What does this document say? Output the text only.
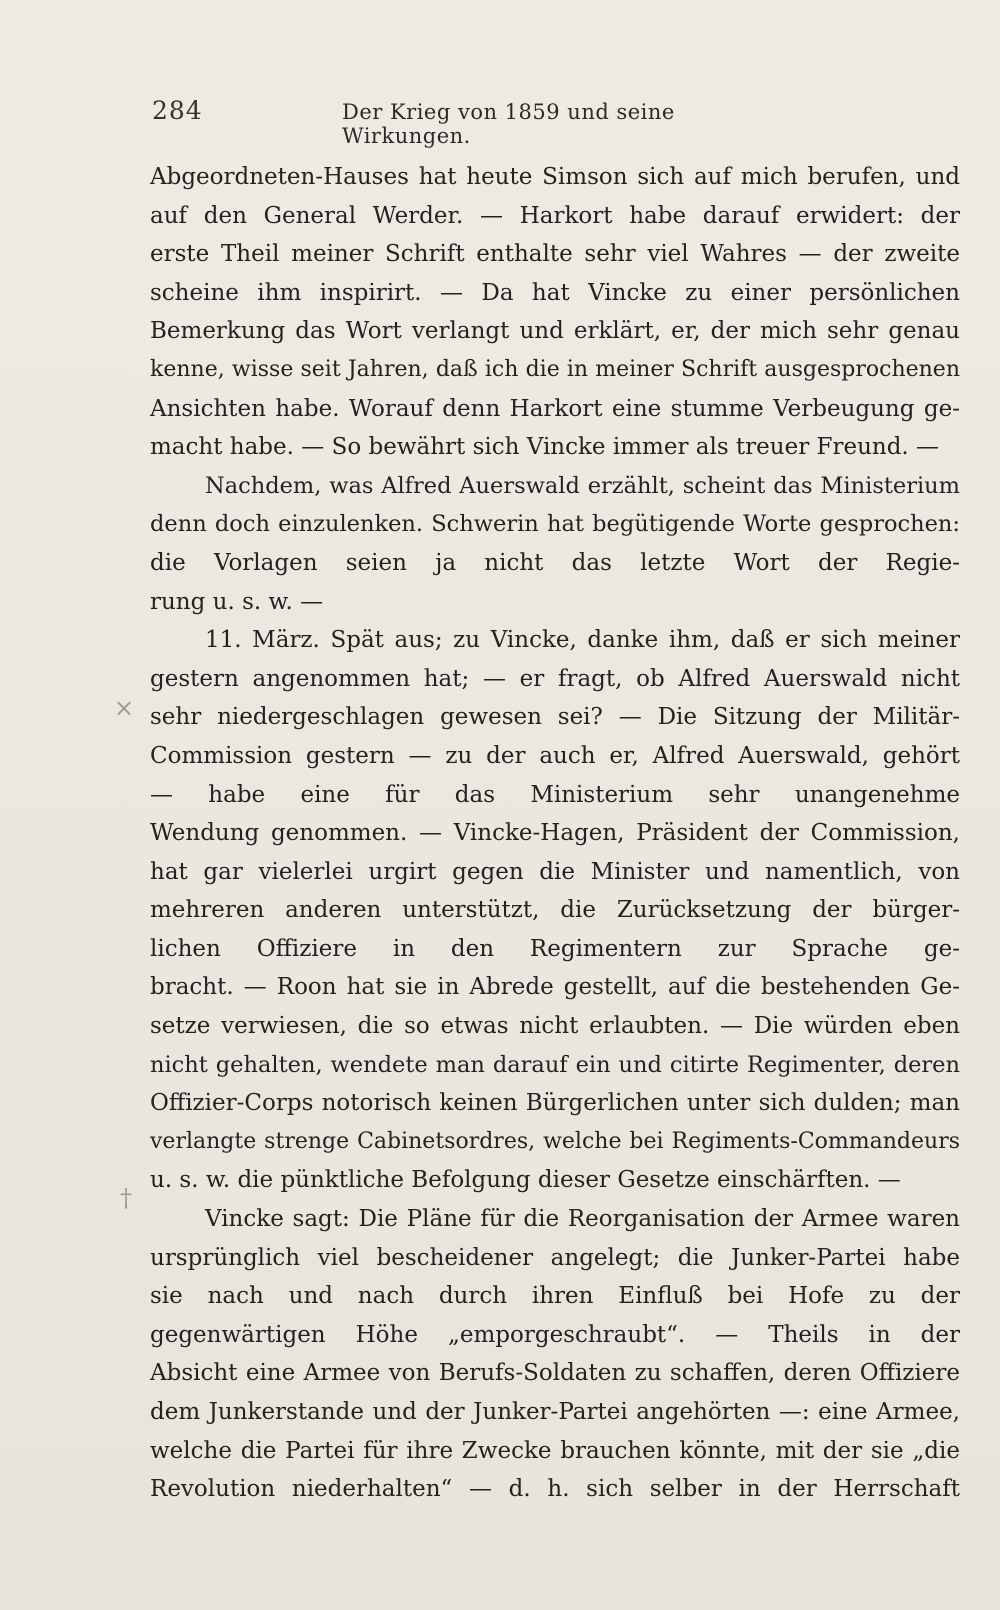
284	Der Krieg von 1859 und seine Wirkungen.
×
†
Abgeordneten-Hauses hat heute Simson sich auf mich berufen, und
auf den General Werder. — Harkort habe darauf erwidert: der
erste Theil meiner Schrift enthalte sehr viel Wahres — der zweite
scheine ihm inspirirt. — Da hat Vincke zu einer persönlichen
Bemerkung das Wort verlangt und erklärt, er, der mich sehr genau
kenne, wisse seit Jahren, daß ich die in meiner Schrift ausgesprochenen
Ansichten habe. Worauf denn Harkort eine stumme Verbeugung ge-
macht habe. — So bewährt sich Vincke immer als treuer Freund. —
Nachdem, was Alfred Auerswald erzählt, scheint das Ministerium
denn doch einzulenken. Schwerin hat begütigende Worte gesprochen:
die Vorlagen seien ja nicht das letzte Wort der Regie-
rung u. s. w. —
11. März. Spät aus; zu Vincke, danke ihm, daß er sich meiner
gestern angenommen hat; — er fragt, ob Alfred Auerswald nicht
sehr niedergeschlagen gewesen sei? — Die Sitzung der Militär-
Commission gestern — zu der auch er, Alfred Auerswald, gehört
— habe eine für das Ministerium sehr unangenehme
Wendung genommen. — Vincke-Hagen, Präsident der Commission,
hat gar vielerlei urgirt gegen die Minister und namentlich, von
mehreren anderen unterstützt, die Zurücksetzung der bürger-
lichen Offiziere in den Regimentern zur Sprache ge-
bracht. — Roon hat sie in Abrede gestellt, auf die bestehenden Ge-
setze verwiesen, die so etwas nicht erlaubten. — Die würden eben
nicht gehalten, wendete man darauf ein und citirte Regimenter, deren
Offizier-Corps notorisch keinen Bürgerlichen unter sich dulden; man
verlangte strenge Cabinetsordres, welche bei Regiments-Commandeurs
u. s. w. die pünktliche Befolgung dieser Gesetze einschärften. —
Vincke sagt: Die Pläne für die Reorganisation der Armee waren
ursprünglich viel bescheidener angelegt; die Junker-Partei habe
sie nach und nach durch ihren Einfluß bei Hofe zu der
gegenwärtigen Höhe „emporgeschraubt“. — Theils in der
Absicht eine Armee von Berufs-Soldaten zu schaffen, deren Offiziere
dem Junkerstande und der Junker-Partei angehörten —: eine Armee,
welche die Partei für ihre Zwecke brauchen könnte, mit der sie „die
Revolution niederhalten“ — d. h. sich selber in der Herrschaft
